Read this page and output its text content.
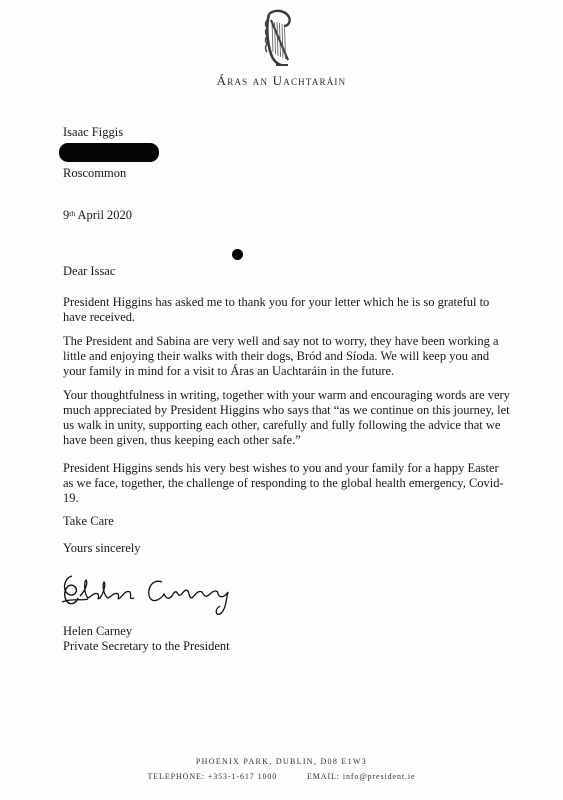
Áras an Uachtaráin
Isaac Figgis
Roscommon
9th April 2020
Dear Issac
President Higgins has asked me to thank you for your letter which he is so grateful to have received.
The President and Sabina are very well and say not to worry, they have been working a little and enjoying their walks with their dogs, Bród and Síoda. We will keep you and your family in mind for a visit to Áras an Uachtaráin in the future.
Your thoughtfulness in writing, together with your warm and encouraging words are very much appreciated by President Higgins who says that “as we continue on this journey, let us walk in unity, supporting each other, carefully and fully following the advice that we have been given, thus keeping each other safe.”
President Higgins sends his very best wishes to you and your family for a happy Easter as we face, together, the challenge of responding to the global health emergency, Covid-19.
Take Care
Yours sincerely
Helen Carney
Private Secretary to the President
PHOENIX PARK, DUBLIN, D08 E1W3
TELEPHONE: +353-1-617 1000	EMAIL: info@president.ie
